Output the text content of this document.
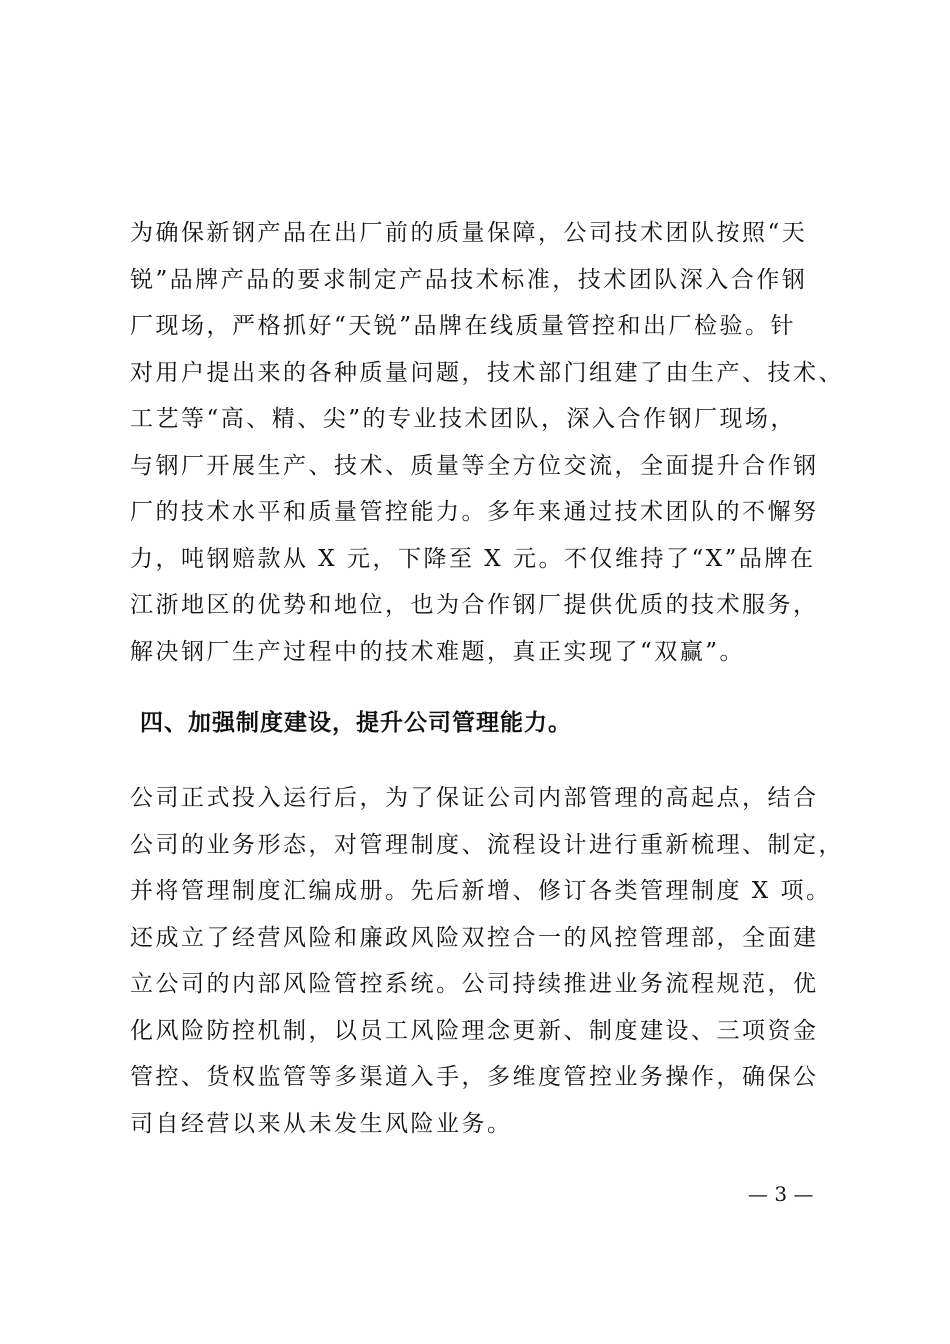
为确保新钢产品在出厂前的质量保障，公司技术团队按照“天
锐”品牌产品的要求制定产品技术标准，技术团队深入合作钢
厂现场，严格抓好“天锐”品牌在线质量管控和出厂检验。针
对用户提出来的各种质量问题，技术部门组建了由生产、技术、
工艺等“高、精、尖”的专业技术团队，深入合作钢厂现场，
与钢厂开展生产、技术、质量等全方位交流，全面提升合作钢
厂的技术水平和质量管控能力。多年来通过技术团队的不懈努
力，吨钢赔款从 X 元，下降至 X 元。不仅维持了“X”品牌在
江浙地区的优势和地位，也为合作钢厂提供优质的技术服务，
解决钢厂生产过程中的技术难题，真正实现了“双赢”。
四、加强制度建设，提升公司管理能力。
公司正式投入运行后，为了保证公司内部管理的高起点，结合
公司的业务形态，对管理制度、流程设计进行重新梳理、制定，
并将管理制度汇编成册。先后新增、修订各类管理制度 X 项。
还成立了经营风险和廉政风险双控合一的风控管理部，全面建
立公司的内部风险管控系统。公司持续推进业务流程规范，优
化风险防控机制，以员工风险理念更新、制度建设、三项资金
管控、货权监管等多渠道入手，多维度管控业务操作，确保公
司自经营以来从未发生风险业务。
— 3 —
